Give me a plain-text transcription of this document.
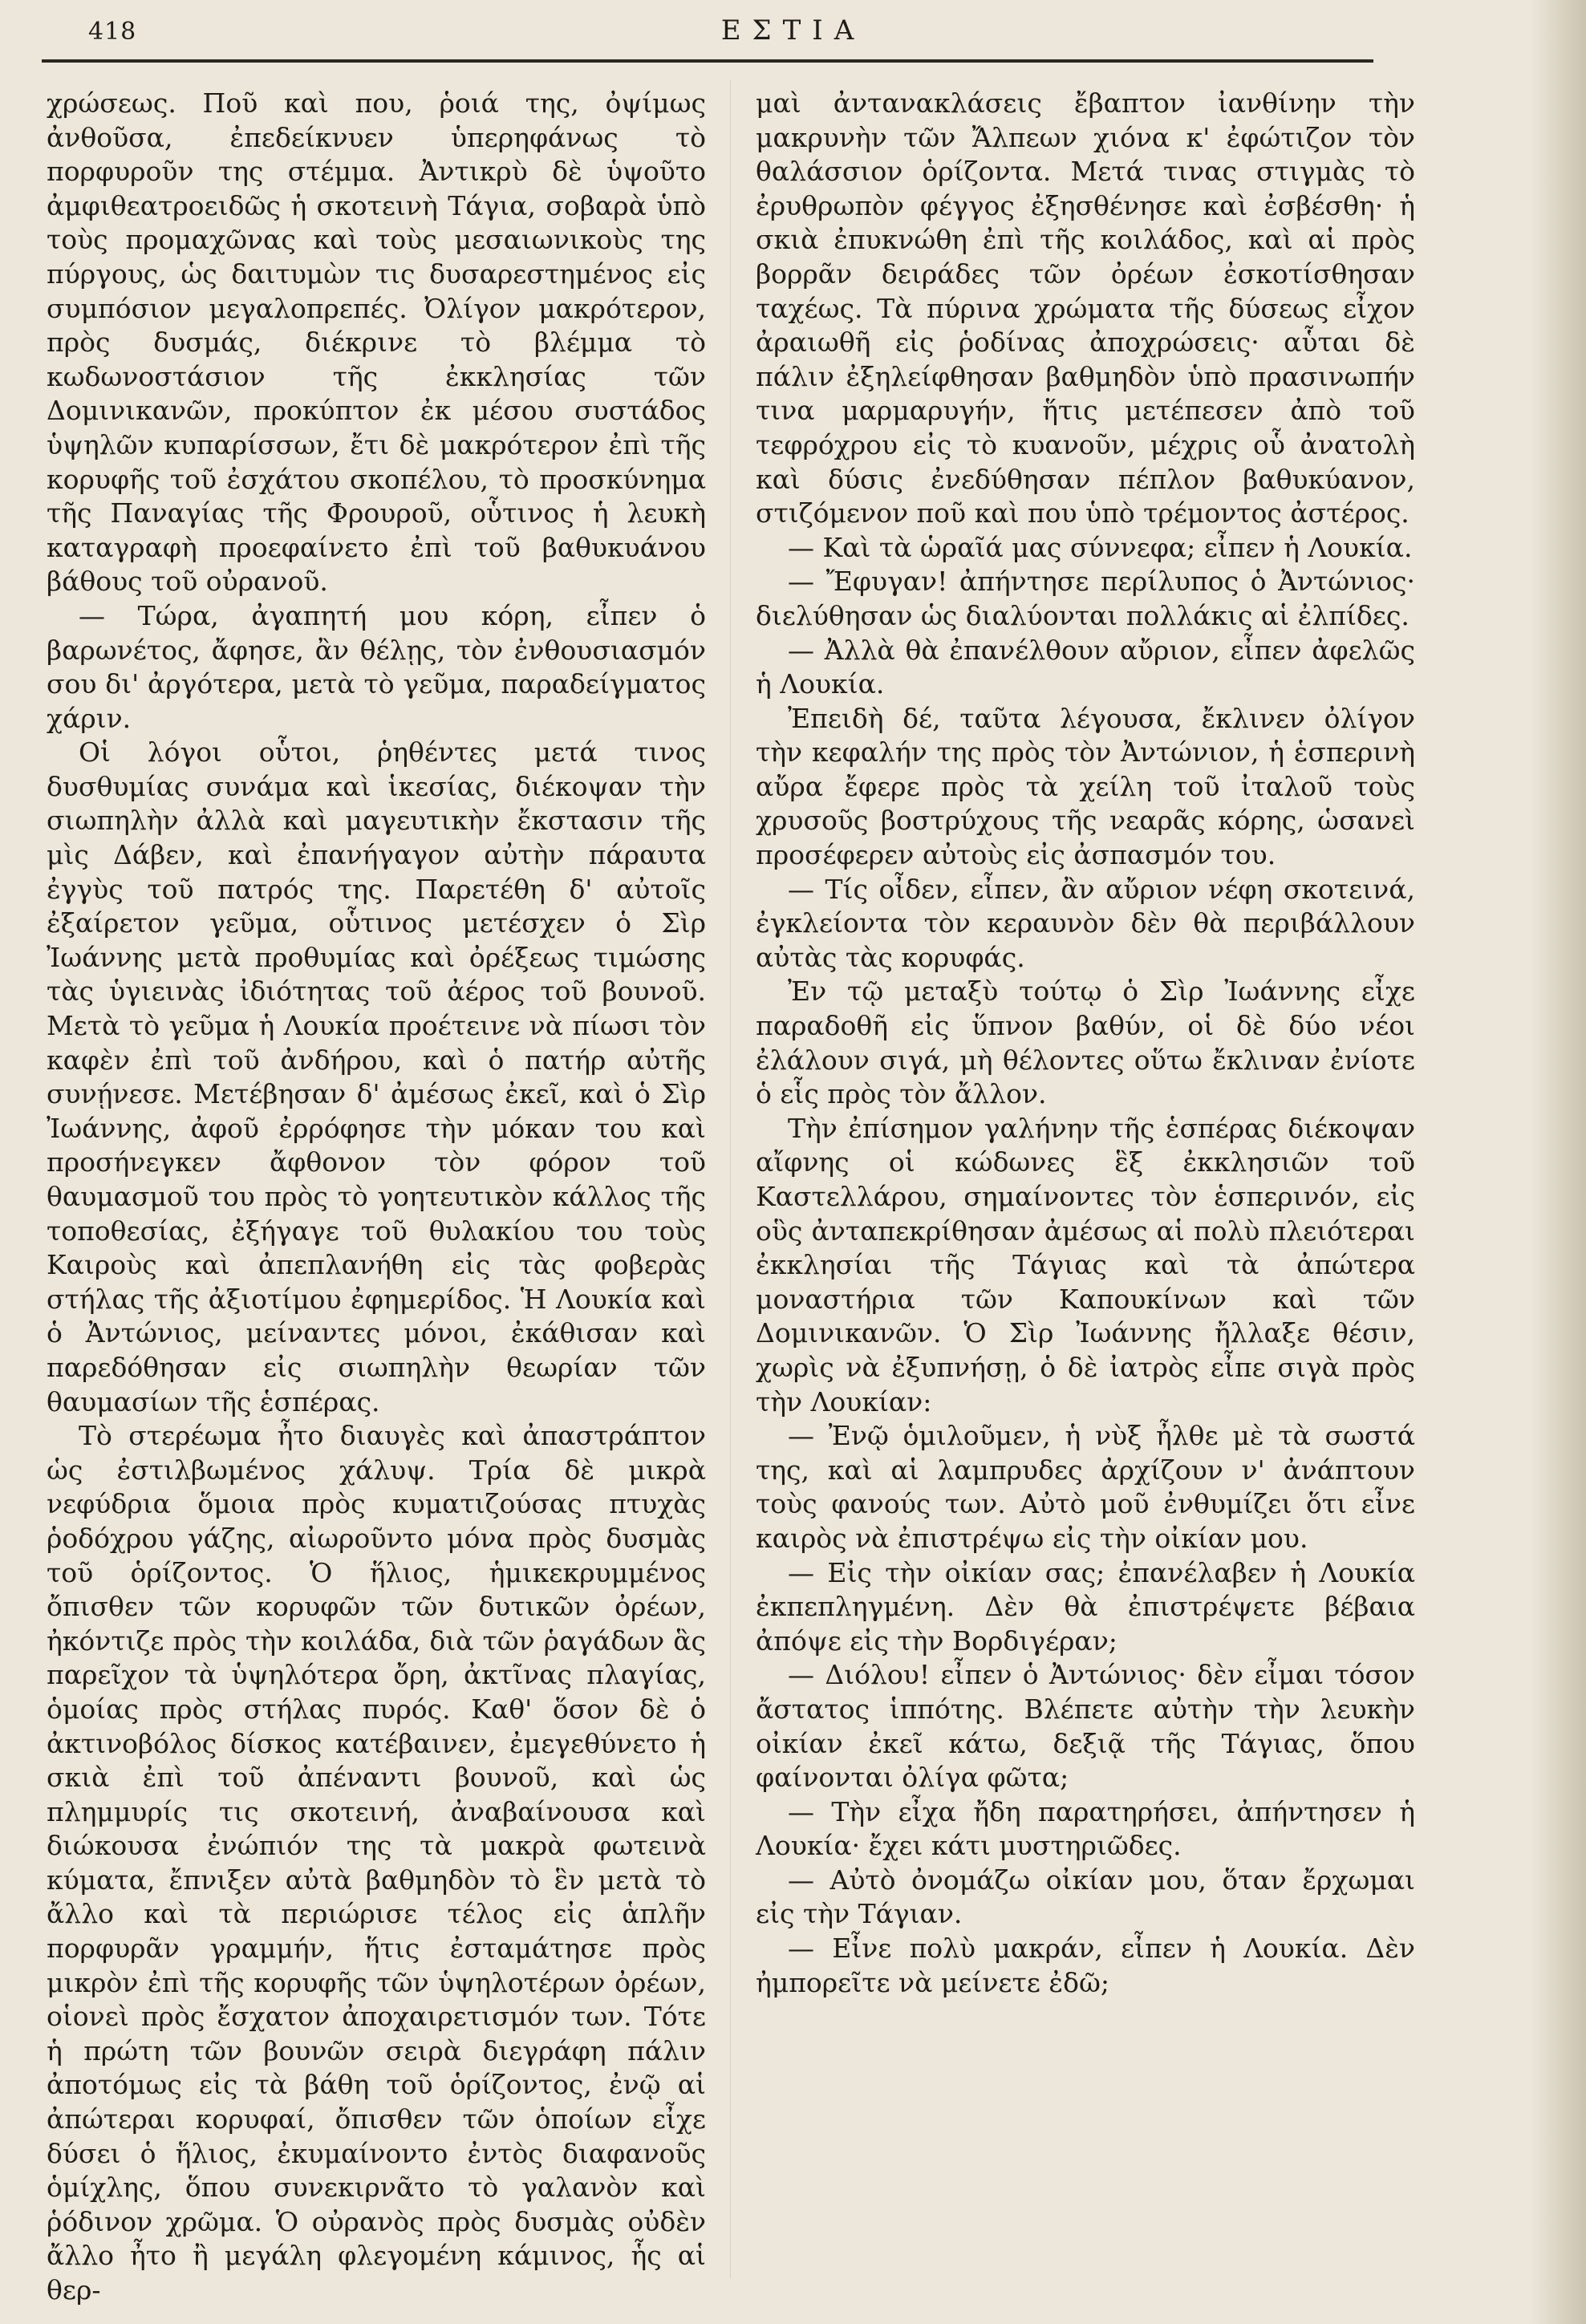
418	ΕΣΤΙΑ

χρώσεως. Ποῦ καὶ που, ῥοιά της, ὀψίμως ἀνθοῦσα, ἐπεδείκνυεν ὑπερηφάνως τὸ πορφυροῦν της στέμμα. Ἀντικρὺ δὲ ὑψοῦτο ἀμφιθεατροειδῶς ἡ σκοτεινὴ Τάγια, σοβαρὰ ὑπὸ τοὺς προμαχῶνας καὶ τοὺς μεσαιωνικοὺς της πύργους, ὡς δαιτυμὼν τις δυσαρεστημένος εἰς συμπόσιον μεγαλοπρεπές. Ὀλίγον μακρότερον, πρὸς δυσμάς, διέκρινε τὸ βλέμμα τὸ κωδωνοστάσιον τῆς ἐκκλησίας τῶν Δομινικανῶν, προκύπτον ἐκ μέσου συστάδος ὑψηλῶν κυπαρίσσων, ἔτι δὲ μακρότερον ἐπὶ τῆς κορυφῆς τοῦ ἐσχάτου σκοπέλου, τὸ προσκύνημα τῆς Παναγίας τῆς Φρουροῦ, οὗτινος ἡ λευκὴ καταγραφὴ προεφαίνετο ἐπὶ τοῦ βαθυκυάνου βάθους τοῦ οὐρανοῦ.

— Τώρα, ἀγαπητή μου κόρη, εἶπεν ὁ βαρωνέτος, ἄφησε, ἂν θέλῃς, τὸν ἐνθουσιασμόν σου δι' ἀργότερα, μετὰ τὸ γεῦμα, παραδείγματος χάριν.

Οἱ λόγοι οὗτοι, ῥηθέντες μετά τινος δυσθυμίας συνάμα καὶ ἱκεσίας, διέκοψαν τὴν σιωπηλὴν ἀλλὰ καὶ μαγευτικὴν ἔκστασιν τῆς μὶς Δάβεν, καὶ ἐπανήγαγον αὐτὴν πάραυτα ἐγγὺς τοῦ πατρός της. Παρετέθη δ' αὐτοῖς ἐξαίρετον γεῦμα, οὗτινος μετέσχεν ὁ Σὶρ Ἰωάννης μετὰ προθυμίας καὶ ὀρέξεως τιμώσης τὰς ὑγιεινὰς ἰδιότητας τοῦ ἀέρος τοῦ βουνοῦ. Μετὰ τὸ γεῦμα ἡ Λουκία προέτεινε νὰ πίωσι τὸν καφὲν ἐπὶ τοῦ ἀνδήρου, καὶ ὁ πατήρ αὐτῆς συνῄνεσε. Μετέβησαν δ' ἀμέσως ἐκεῖ, καὶ ὁ Σὶρ Ἰωάννης, ἀφοῦ ἐρρόφησε τὴν μόκαν του καὶ προσήνεγκεν ἄφθονον τὸν φόρον τοῦ θαυμασμοῦ του πρὸς τὸ γοητευτικὸν κάλλος τῆς τοποθεσίας, ἐξήγαγε τοῦ θυλακίου του τοὺς Καιροὺς καὶ ἀπεπλανήθη εἰς τὰς φοβερὰς στήλας τῆς ἀξιοτίμου ἐφημερίδος. Ἡ Λουκία καὶ ὁ Ἀντώνιος, μείναντες μόνοι, ἐκάθισαν καὶ παρεδόθησαν εἰς σιωπηλὴν θεωρίαν τῶν θαυμασίων τῆς ἑσπέρας.

Τὸ στερέωμα ἦτο διαυγὲς καὶ ἀπαστράπτον ὡς ἐστιλβωμένος χάλυψ. Τρία δὲ μικρὰ νεφύδρια ὅμοια πρὸς κυματιζούσας πτυχὰς ῥοδόχρου γάζης, αἰωροῦντο μόνα πρὸς δυσμὰς τοῦ ὁρίζοντος. Ὁ ἥλιος, ἡμικεκρυμμένος ὄπισθεν τῶν κορυφῶν τῶν δυτικῶν ὀρέων, ἠκόντιζε πρὸς τὴν κοιλάδα, διὰ τῶν ῥαγάδων ἃς παρεῖχον τὰ ὑψηλότερα ὄρη, ἀκτῖνας πλαγίας, ὁμοίας πρὸς στήλας πυρός. Καθ' ὅσον δὲ ὁ ἀκτινοβόλος δίσκος κατέβαινεν, ἐμεγεθύνετο ἡ σκιὰ ἐπὶ τοῦ ἀπέναντι βουνοῦ, καὶ ὡς πλημμυρίς τις σκοτεινή, ἀναβαίνουσα καὶ διώκουσα ἐνώπιόν της τὰ μακρὰ φωτεινὰ κύματα, ἔπνιξεν αὐτὰ βαθμηδὸν τὸ ἓν μετὰ τὸ ἄλλο καὶ τὰ περιώρισε τέλος εἰς ἁπλῆν πορφυρᾶν γραμμήν, ἥτις ἐσταμάτησε πρὸς μικρὸν ἐπὶ τῆς κορυφῆς τῶν ὑψηλοτέρων ὀρέων, οἱονεὶ πρὸς ἔσχατον ἀποχαιρετισμόν των. Τότε ἡ πρώτη τῶν βουνῶν σειρὰ διεγράφη πάλιν ἀποτόμως εἰς τὰ βάθη τοῦ ὁρίζοντος, ἐνῷ αἱ ἀπώτεραι κορυφαί, ὄπισθεν τῶν ὁποίων εἶχε δύσει ὁ ἥλιος, ἐκυμαίνοντο ἐντὸς διαφανοῦς ὁμίχλης, ὅπου συνεκιρνᾶτο τὸ γαλανὸν καὶ ῥόδινον χρῶμα. Ὁ οὐρανὸς πρὸς δυσμὰς οὐδὲν ἄλλο ἦτο ἢ μεγάλη φλεγομένη κάμινος, ἧς αἱ θερ-

μαὶ ἀντανακλάσεις ἔβαπτον ἰανθίνην τὴν μακρυνὴν τῶν Ἄλπεων χιόνα κ' ἐφώτιζον τὸν θαλάσσιον ὁρίζοντα. Μετά τινας στιγμὰς τὸ ἐρυθρωπὸν φέγγος ἐξησθένησε καὶ ἐσβέσθη· ἡ σκιὰ ἐπυκνώθη ἐπὶ τῆς κοιλάδος, καὶ αἱ πρὸς βορρᾶν δειράδες τῶν ὀρέων ἐσκοτίσθησαν ταχέως. Τὰ πύρινα χρώματα τῆς δύσεως εἶχον ἀραιωθῆ εἰς ῥοδίνας ἀποχρώσεις· αὗται δὲ πάλιν ἐξηλείφθησαν βαθμηδὸν ὑπὸ πρασινωπήν τινα μαρμαρυγήν, ἥτις μετέπεσεν ἀπὸ τοῦ τεφρόχρου εἰς τὸ κυανοῦν, μέχρις οὗ ἀνατολὴ καὶ δύσις ἐνεδύθησαν πέπλον βαθυκύανον, στιζόμενον ποῦ καὶ που ὑπὸ τρέμοντος ἀστέρος.

— Καὶ τὰ ὡραῖά μας σύννεφα; εἶπεν ἡ Λουκία.

— Ἔφυγαν! ἀπήντησε περίλυπος ὁ Ἀντώνιος· διελύθησαν ὡς διαλύονται πολλάκις αἱ ἐλπίδες.

— Ἀλλὰ θὰ ἐπανέλθουν αὔριον, εἶπεν ἀφελῶς ἡ Λουκία.

Ἐπειδὴ δέ, ταῦτα λέγουσα, ἔκλινεν ὀλίγον τὴν κεφαλήν της πρὸς τὸν Ἀντώνιον, ἡ ἑσπερινὴ αὔρα ἔφερε πρὸς τὰ χείλη τοῦ ἰταλοῦ τοὺς χρυσοῦς βοστρύχους τῆς νεαρᾶς κόρης, ὡσανεὶ προσέφερεν αὐτοὺς εἰς ἀσπασμόν του.

— Τίς οἶδεν, εἶπεν, ἂν αὔριον νέφη σκοτεινά, ἐγκλείοντα τὸν κεραυνὸν δὲν θὰ περιβάλλουν αὐτὰς τὰς κορυφάς.

Ἐν τῷ μεταξὺ τούτῳ ὁ Σὶρ Ἰωάννης εἶχε παραδοθῆ εἰς ὕπνον βαθύν, οἱ δὲ δύο νέοι ἐλάλουν σιγά, μὴ θέλοντες οὕτω ἔκλιναν ἐνίοτε ὁ εἷς πρὸς τὸν ἄλλον.

Τὴν ἐπίσημον γαλήνην τῆς ἑσπέρας διέκοψαν αἴφνης οἱ κώδωνες ἓξ ἐκκλησιῶν τοῦ Καστελλάρου, σημαίνοντες τὸν ἑσπερινόν, εἰς οὓς ἀνταπεκρίθησαν ἀμέσως αἱ πολὺ πλειότεραι ἐκκλησίαι τῆς Τάγιας καὶ τὰ ἀπώτερα μοναστήρια τῶν Καπουκίνων καὶ τῶν Δομινικανῶν. Ὁ Σὶρ Ἰωάννης ἤλλαξε θέσιν, χωρὶς νὰ ἐξυπνήσῃ, ὁ δὲ ἰατρὸς εἶπε σιγὰ πρὸς τὴν Λουκίαν:

— Ἐνῷ ὁμιλοῦμεν, ἡ νὺξ ἦλθε μὲ τὰ σωστά της, καὶ αἱ λαμπρυδες ἀρχίζουν ν' ἀνάπτουν τοὺς φανούς των. Αὐτὸ μοῦ ἐνθυμίζει ὅτι εἶνε καιρὸς νὰ ἐπιστρέψω εἰς τὴν οἰκίαν μου.

— Εἰς τὴν οἰκίαν σας; ἐπανέλαβεν ἡ Λουκία ἐκπεπληγμένη. Δὲν θὰ ἐπιστρέψετε βέβαια ἀπόψε εἰς τὴν Βορδιγέραν;

— Διόλου! εἶπεν ὁ Ἀντώνιος· δὲν εἶμαι τόσον ἄστατος ἱππότης. Βλέπετε αὐτὴν τὴν λευκὴν οἰκίαν ἐκεῖ κάτω, δεξιᾷ τῆς Τάγιας, ὅπου φαίνονται ὀλίγα φῶτα;

— Τὴν εἶχα ἤδη παρατηρήσει, ἀπήντησεν ἡ Λουκία· ἔχει κάτι μυστηριῶδες.

— Αὐτὸ ὀνομάζω οἰκίαν μου, ὅταν ἔρχωμαι εἰς τὴν Τάγιαν.

— Εἶνε πολὺ μακράν, εἶπεν ἡ Λουκία. Δὲν ἠμπορεῖτε νὰ μείνετε ἐδῶ;
